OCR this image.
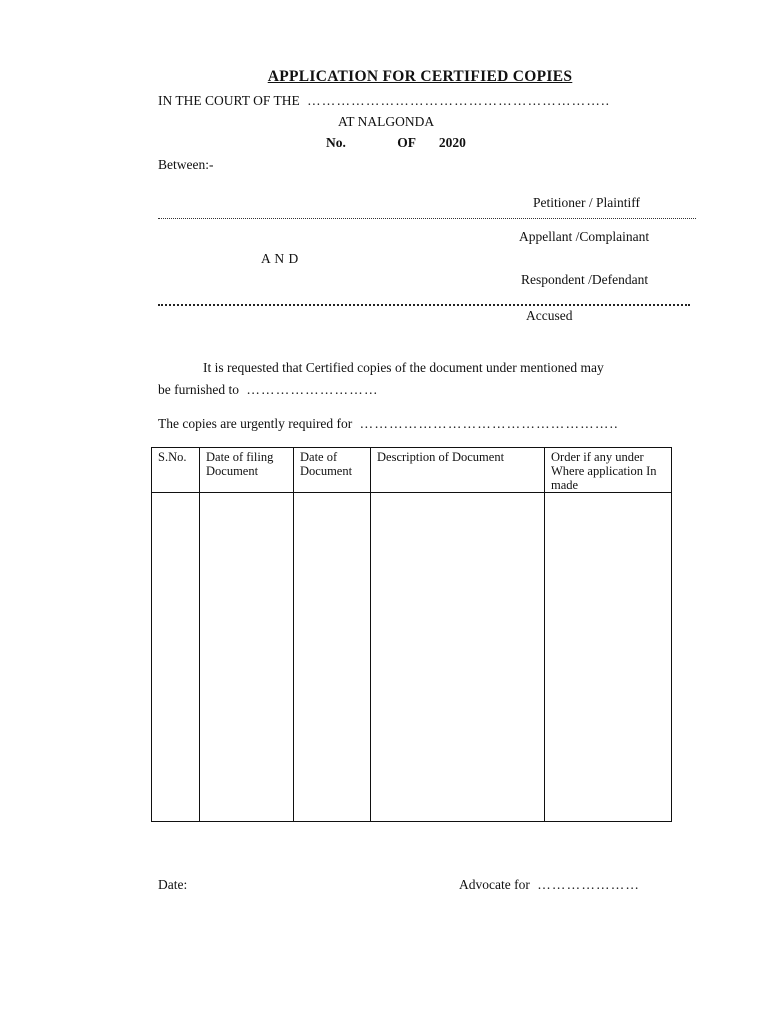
APPLICATION FOR CERTIFIED COPIES
IN THE COURT OF THE ……………………………………………………..
AT NALGONDA
No.	OF 2020
Between:-
Petitioner / Plaintiff
Appellant /Complainant
A N D
Respondent /Defendant
Accused
It is requested that Certified copies of the document under mentioned may
be furnished to ………………………
The copies are urgently required for ……………………………………………..
S.No.	Date of filing Document	Date of Document	Description of Document	Order if any under Where application In made

Date:	Advocate for …………………
